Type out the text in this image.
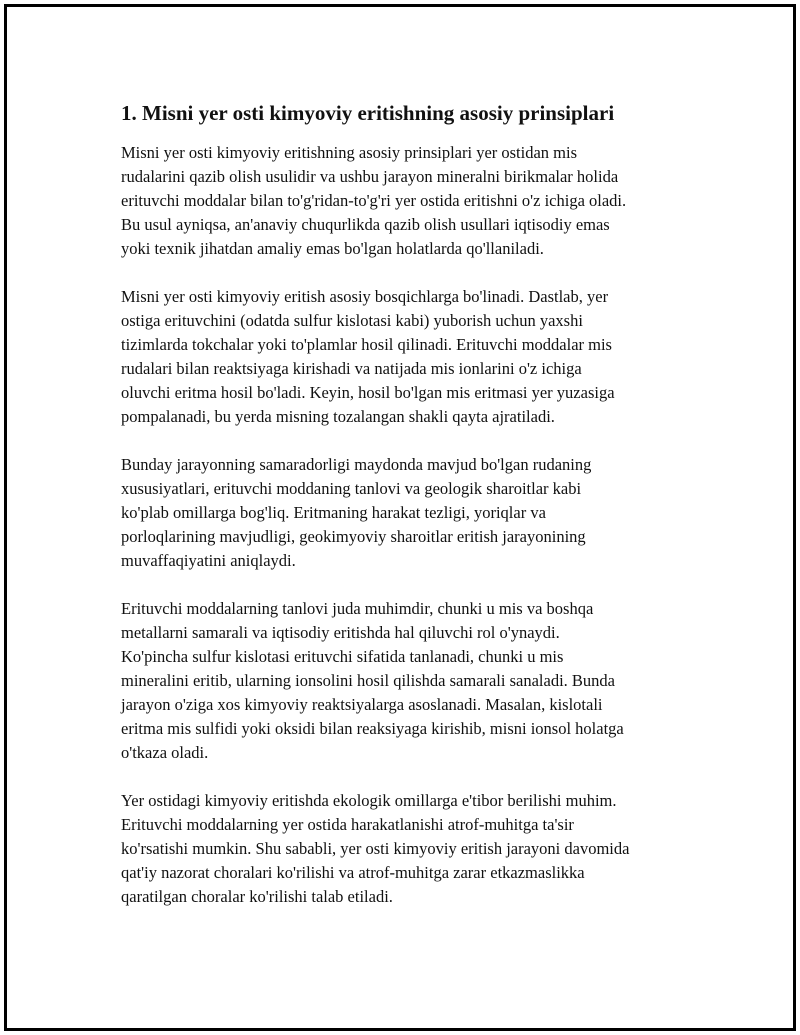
1. Misni yer osti kimyoviy eritishning asosiy prinsiplari

Misni yer osti kimyoviy eritishning asosiy prinsiplari yer ostidan mis
rudalarini qazib olish usulidir va ushbu jarayon mineralni birikmalar holida
erituvchi moddalar bilan to'g'ridan-to'g'ri yer ostida eritishni o'z ichiga oladi.
Bu usul ayniqsa, an'anaviy chuqurlikda qazib olish usullari iqtisodiy emas
yoki texnik jihatdan amaliy emas bo'lgan holatlarda qo'llaniladi.

Misni yer osti kimyoviy eritish asosiy bosqichlarga bo'linadi. Dastlab, yer
ostiga erituvchini (odatda sulfur kislotasi kabi) yuborish uchun yaxshi
tizimlarda tokchalar yoki to'plamlar hosil qilinadi. Erituvchi moddalar mis
rudalari bilan reaktsiyaga kirishadi va natijada mis ionlarini o'z ichiga
oluvchi eritma hosil bo'ladi. Keyin, hosil bo'lgan mis eritmasi yer yuzasiga
pompalanadi, bu yerda misning tozalangan shakli qayta ajratiladi.

Bunday jarayonning samaradorligi maydonda mavjud bo'lgan rudaning
xususiyatlari, erituvchi moddaning tanlovi va geologik sharoitlar kabi
ko'plab omillarga bog'liq. Eritmaning harakat tezligi, yoriqlar va
porloqlarining mavjudligi, geokimyoviy sharoitlar eritish jarayonining
muvaffaqiyatini aniqlaydi.

Erituvchi moddalarning tanlovi juda muhimdir, chunki u mis va boshqa
metallarni samarali va iqtisodiy eritishda hal qiluvchi rol o'ynaydi.
Ko'pincha sulfur kislotasi erituvchi sifatida tanlanadi, chunki u mis
mineralini eritib, ularning ionsolini hosil qilishda samarali sanaladi. Bunda
jarayon o'ziga xos kimyoviy reaktsiyalarga asoslanadi. Masalan, kislotali
eritma mis sulfidi yoki oksidi bilan reaksiyaga kirishib, misni ionsol holatga
o'tkaza oladi.

Yer ostidagi kimyoviy eritishda ekologik omillarga e'tibor berilishi muhim.
Erituvchi moddalarning yer ostida harakatlanishi atrof-muhitga ta'sir
ko'rsatishi mumkin. Shu sababli, yer osti kimyoviy eritish jarayoni davomida
qat'iy nazorat choralari ko'rilishi va atrof-muhitga zarar etkazmaslikka
qaratilgan choralar ko'rilishi talab etiladi.
